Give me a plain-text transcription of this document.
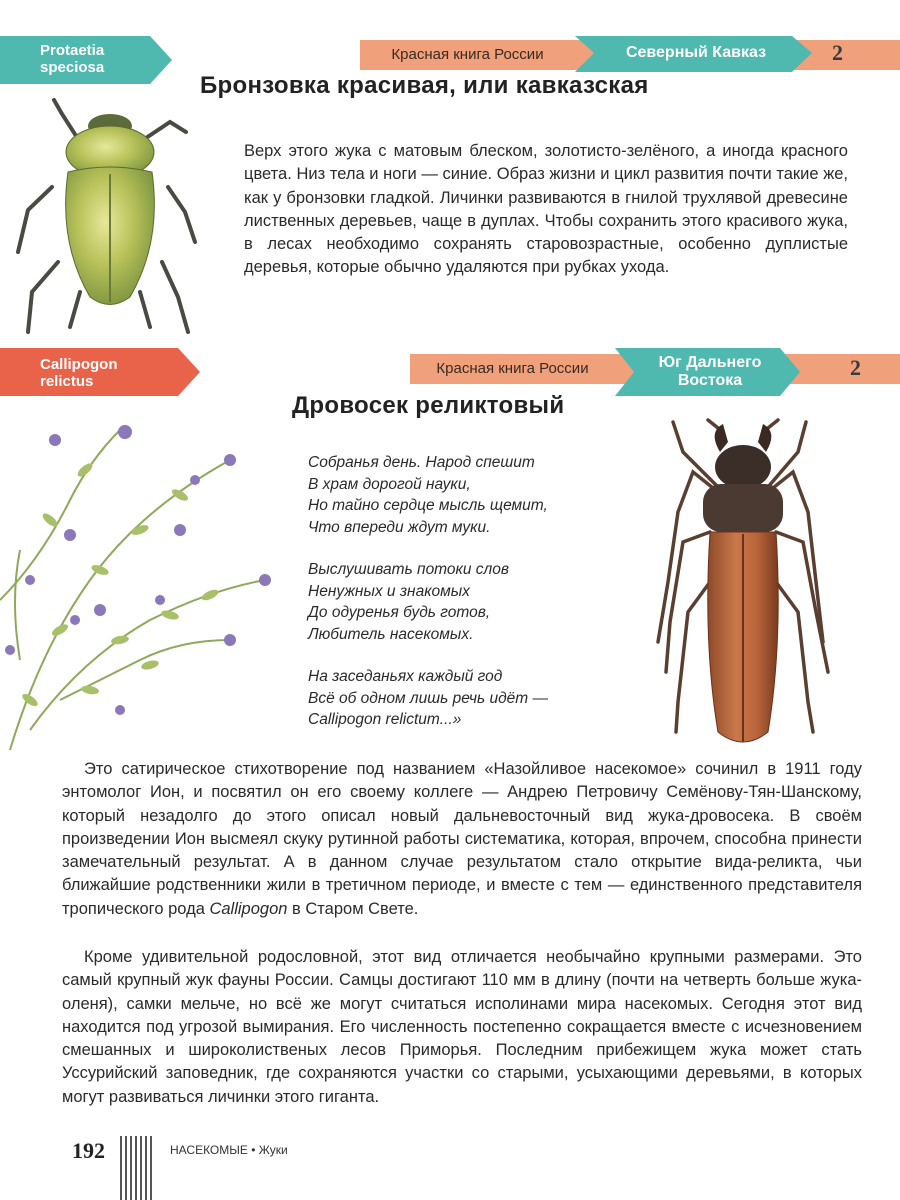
Protaetia
speciosa
Красная книга России	Северный Кавказ	2
Бронзовка красивая, или кавказская
Верх этого жука с матовым блеском, золотисто-зелёного, а иногда красного цвета. Низ тела и ноги — синие. Образ жизни и цикл развития почти такие же, как у бронзовки гладкой. Личинки развиваются в гнилой трухлявой древесине лиственных деревьев, чаще в дуплах. Чтобы сохранить этого красивого жука, в лесах необходимо сохранять старовозрастные, особенно дуплистые деревья, которые обычно удаляются при рубках ухода.
Callipogon
relictus
Красная книга России	Юг Дальнего
Востока
2
Дровосек реликтовый
Собранья день. Народ спешит
В храм дорогой науки,
Но тайно сердце мысль щемит,
Что впереди ждут муки.
Выслушивать потоки слов
Ненужных и знакомых
До одуренья будь готов,
Любитель насекомых.
На заседаньях каждый год
Всё об одном лишь речь идёт —
Callipogon relictum...»
Это сатирическое стихотворение под названием «Назойливое насекомое» сочинил в 1911 году энтомолог Ион, и посвятил он его своему коллеге — Андрею Петровичу Семёнову-Тян-Шанскому, который незадолго до этого описал новый дальневосточный вид жука-дровосека. В своём произведении Ион высмеял скуку рутинной работы систематика, которая, впрочем, способна принести замечательный результат. А в данном случае результатом стало открытие вида-реликта, чьи ближайшие родственники жили в третичном периоде, и вместе с тем — единственного представителя тропического рода Callipogon в Старом Свете.
Кроме удивительной родословной, этот вид отличается необычайно крупными размерами. Это самый крупный жук фауны России. Самцы достигают 110 мм в длину (почти на четверть больше жука-оленя), самки мельче, но всё же могут считаться исполинами мира насекомых. Сегодня этот вид находится под угрозой вымирания. Его численность постепенно сокращается вместе с исчезновением смешанных и широколиственых лесов Приморья. Последним прибежищем жука может стать Уссурийский заповедник, где сохраняются участки со старыми, усыхающими деревьями, в которых могут развиваться личинки этого гиганта.
192	НАСЕКОМЫЕ • Жуки
